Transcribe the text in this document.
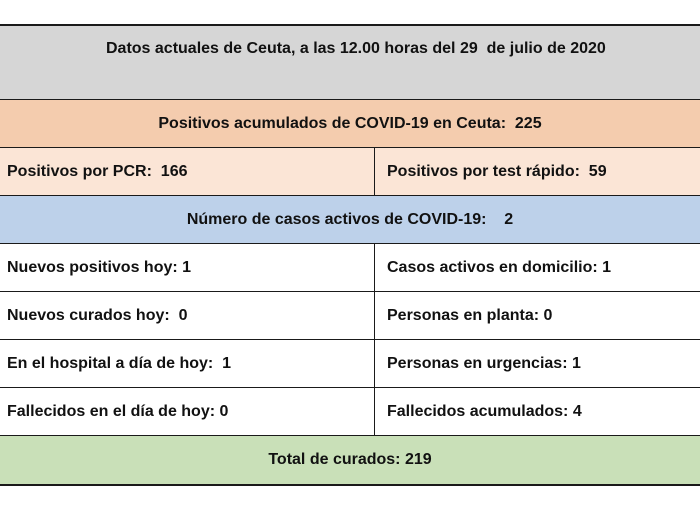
Datos actuales de Ceuta, a las 12.00 horas del 29  de julio de 2020
Positivos acumulados de COVID-19 en Ceuta:  225
Positivos por PCR:  166	Positivos por test rápido:  59
Número de casos activos de COVID-19:    2
Nuevos positivos hoy: 1	Casos activos en domicilio: 1
Nuevos curados hoy:  0	Personas en planta: 0
En el hospital a día de hoy:  1	Personas en urgencias: 1
Fallecidos en el día de hoy: 0	Fallecidos acumulados: 4
Total de curados: 219
